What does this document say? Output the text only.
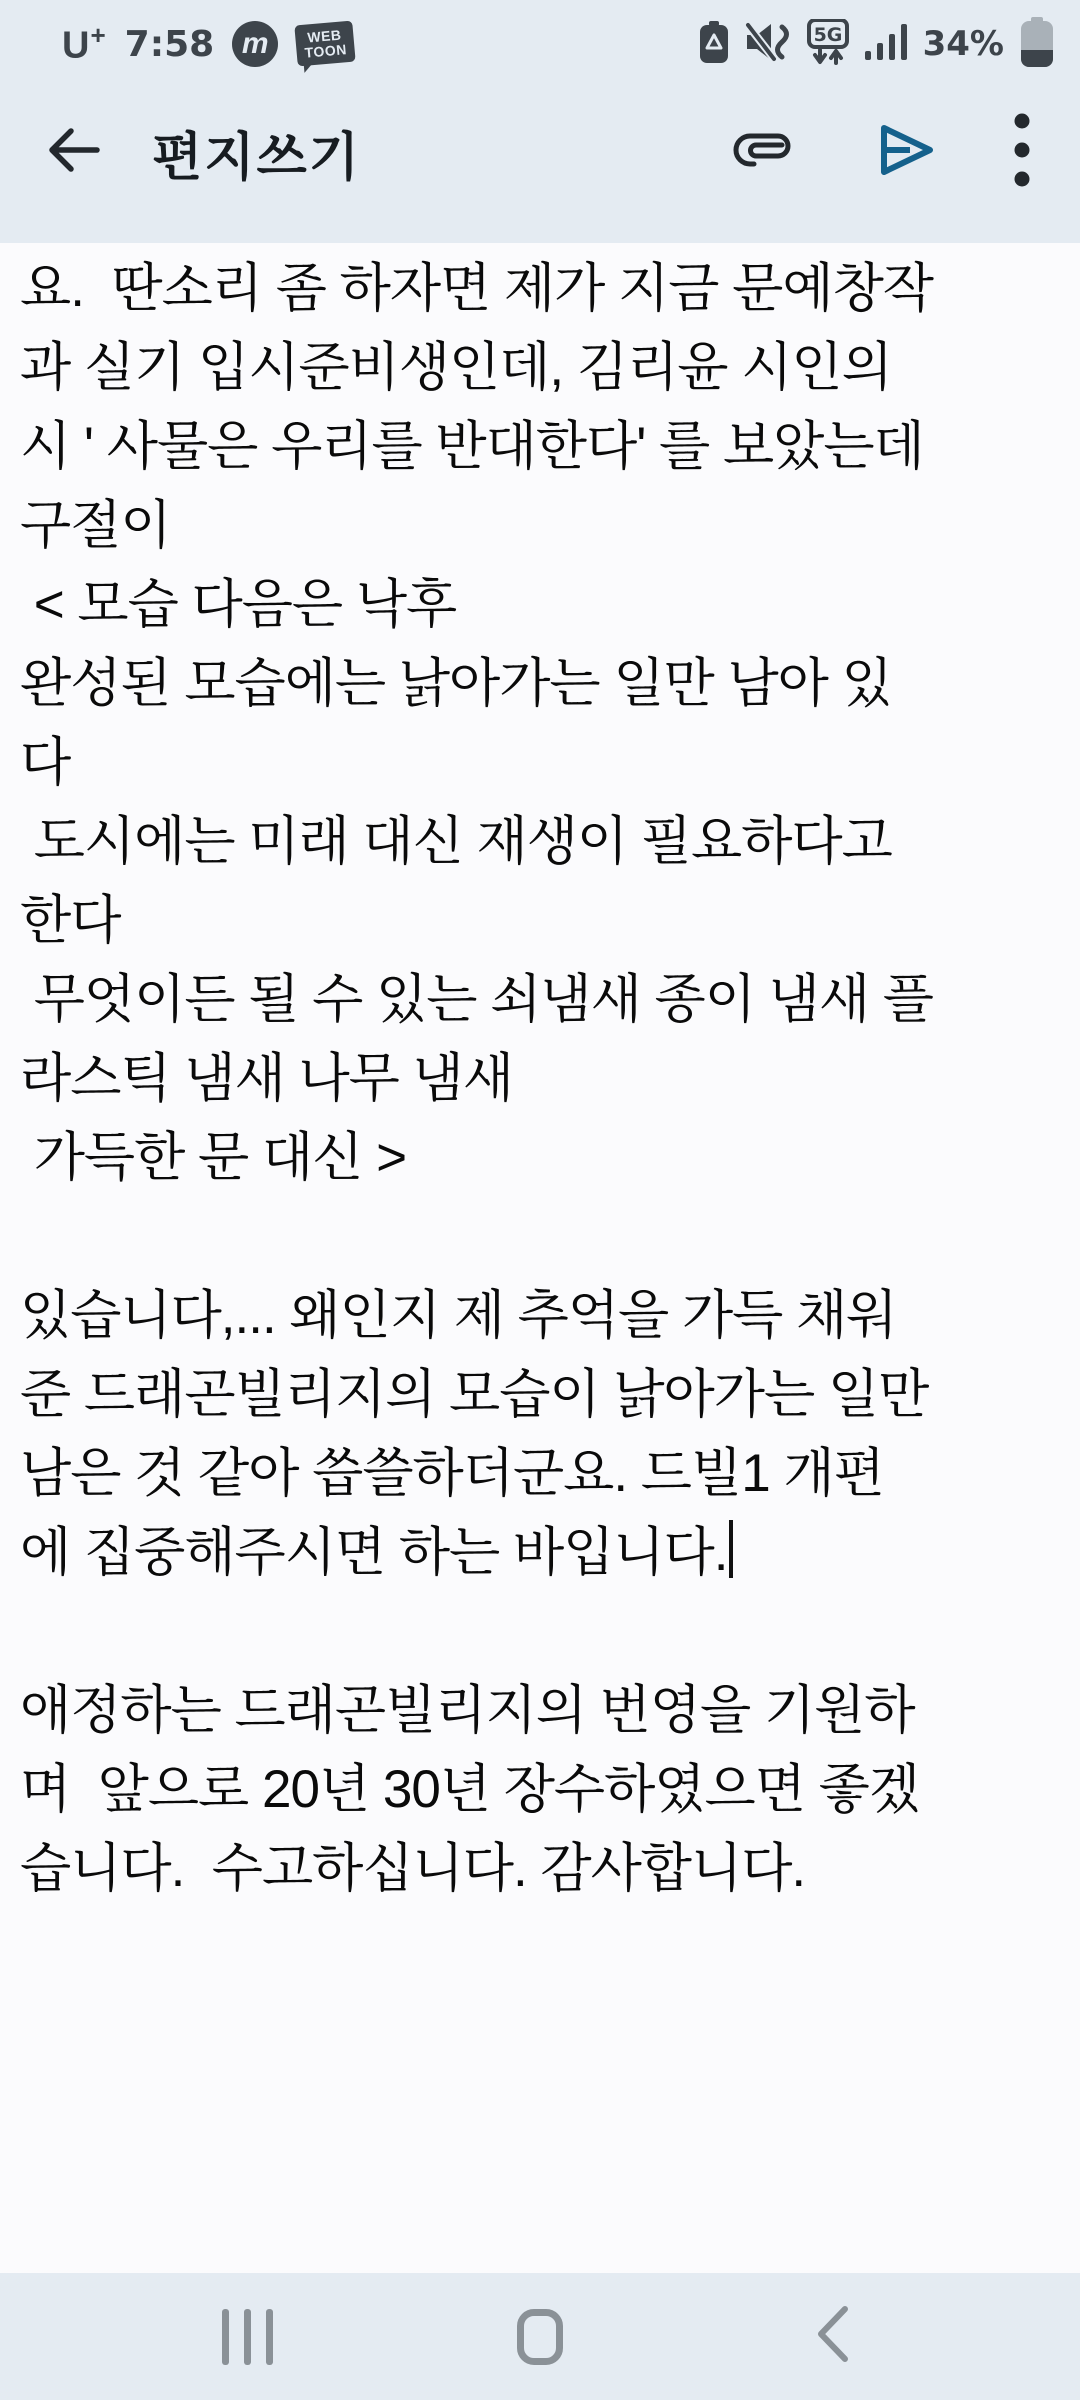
U+ 7:58 m	WEB
TOON
5G 34%
편지쓰기
요.  딴소리 좀 하자면 제가 지금 문예창작
과 실기 입시준비생인데, 김리윤 시인의
시 ' 사물은 우리를 반대한다' 를 보았는데
구절이
< 모습 다음은 낙후
완성된 모습에는 낡아가는 일만 남아 있
다
도시에는 미래 대신 재생이 필요하다고
한다
무엇이든 될 수 있는 쇠냄새 종이 냄새 플
라스틱 냄새 나무 냄새
가득한 문 대신 >
있습니다,... 왜인지 제 추억을 가득 채워
준 드래곤빌리지의 모습이 낡아가는 일만
남은 것 같아 씁쓸하더군요. 드빌1 개편
에 집중해주시면 하는 바입니다.
애정하는 드래곤빌리지의 번영을 기원하
며  앞으로 20년 30년 장수하였으면 좋겠
습니다.  수고하십니다. 감사합니다.
